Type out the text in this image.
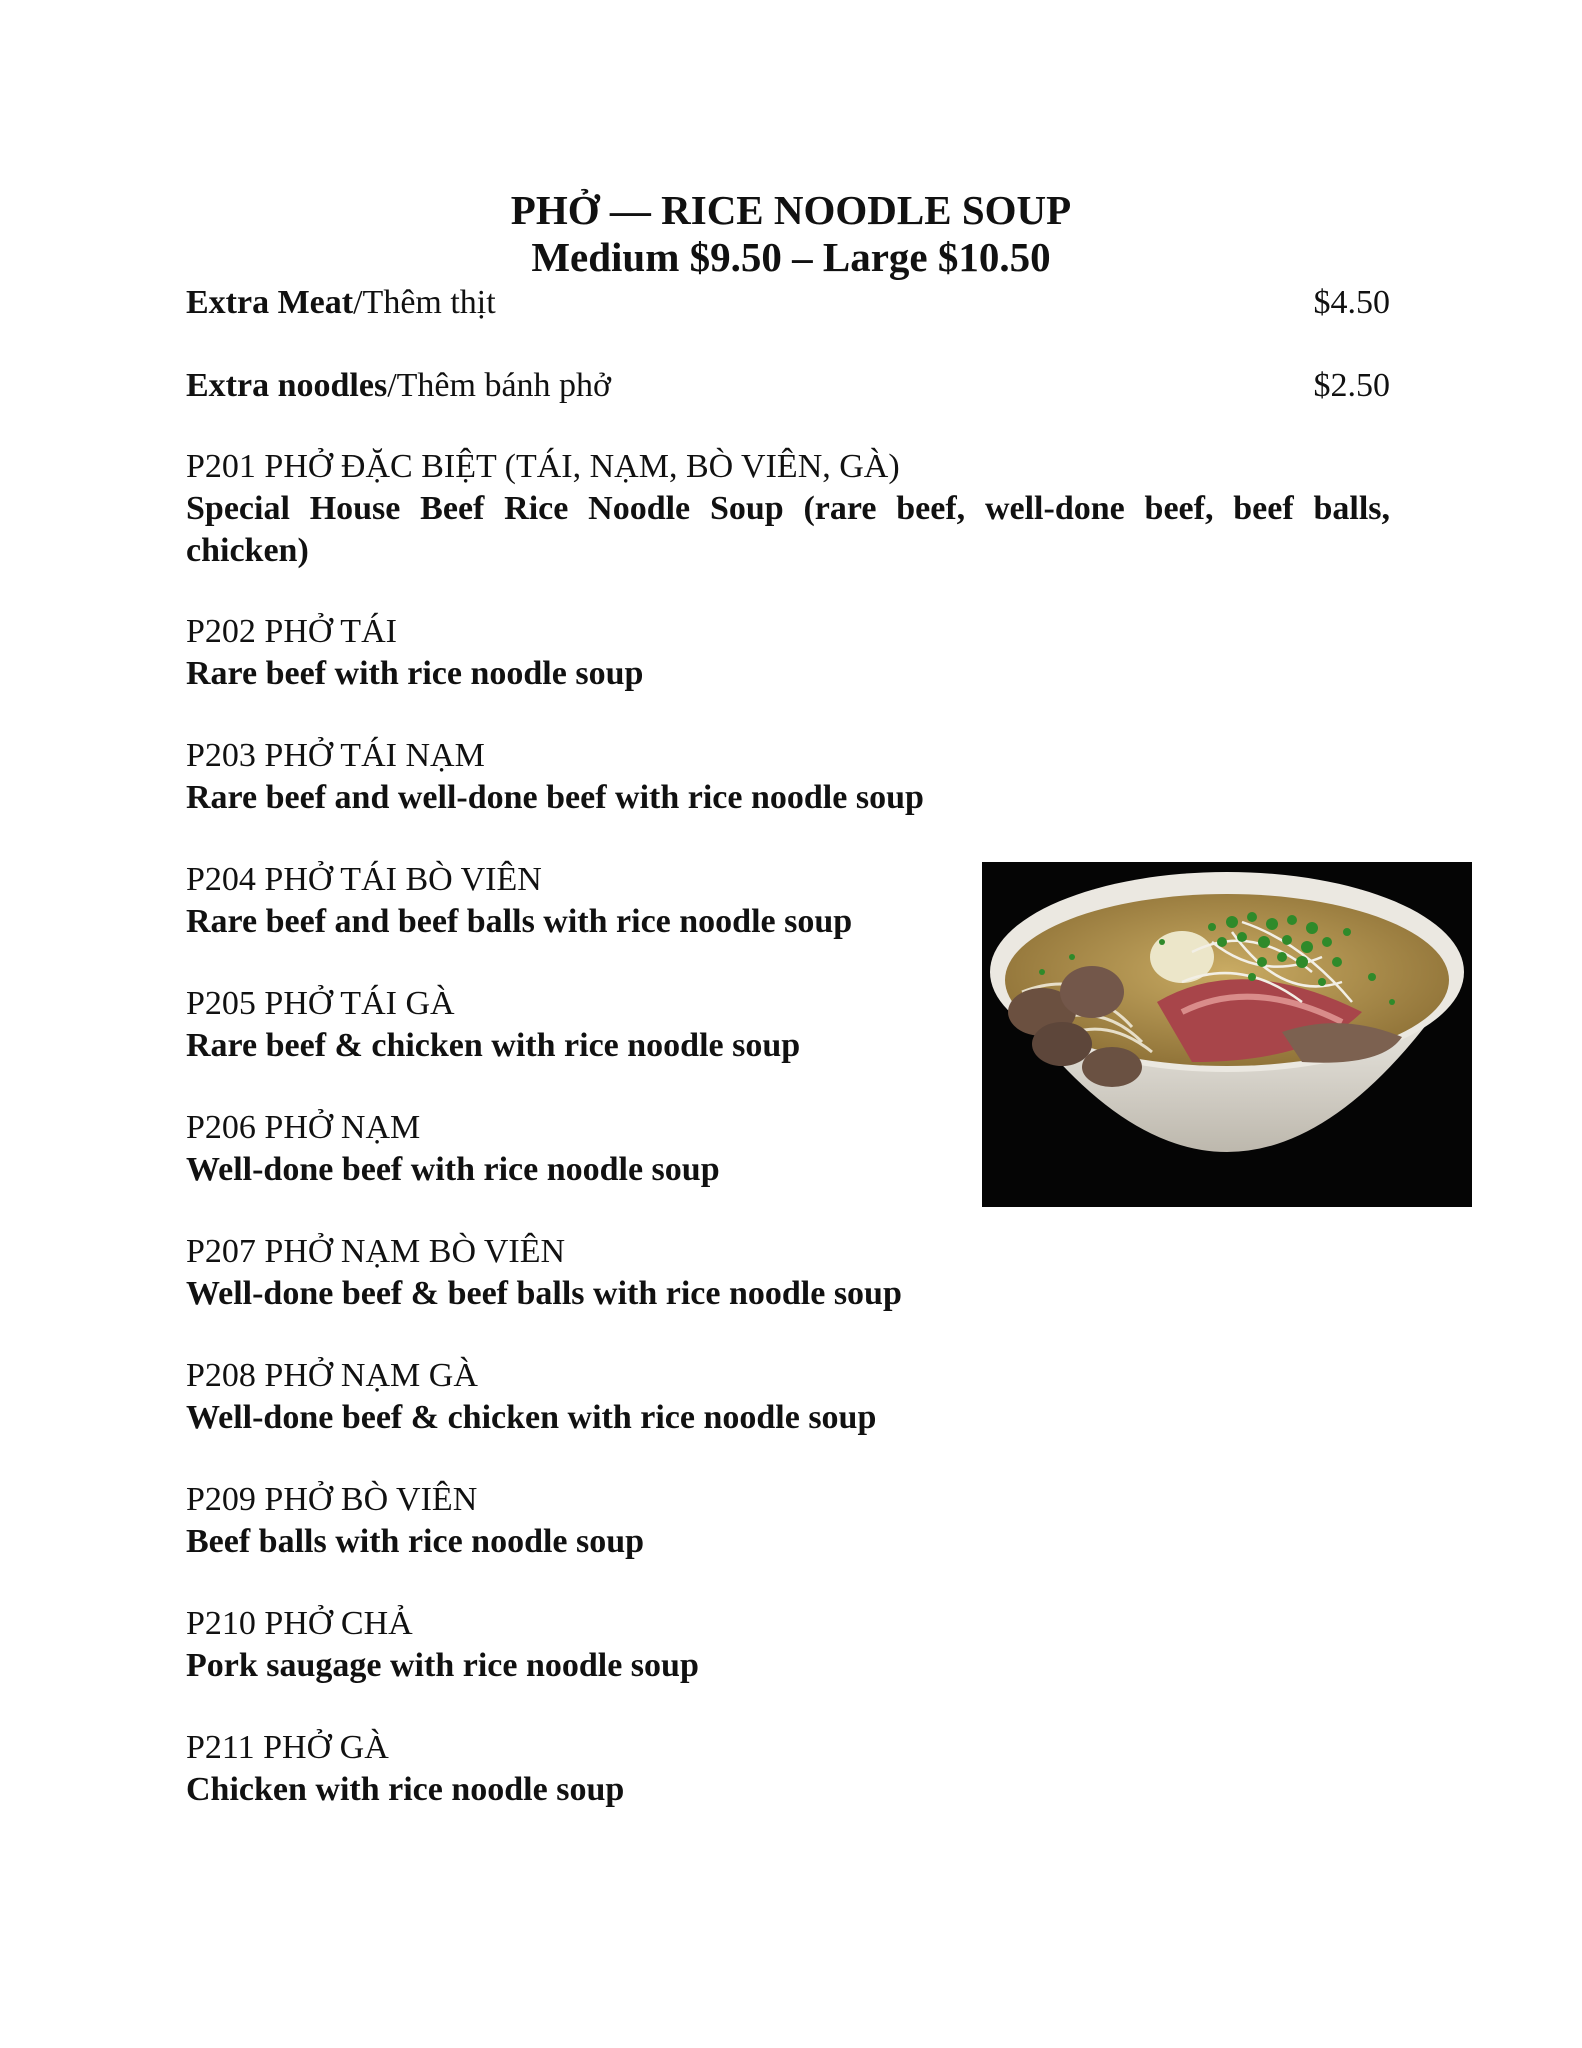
PHỞ — RICE NOODLE SOUP
Medium $9.50 – Large $10.50
Extra Meat/Thêm thịt	$4.50
Extra noodles/Thêm bánh phở	$2.50
P201 PHỞ ĐẶC BIỆT (TÁI, NẠM, BÒ VIÊN, GÀ)
Special House Beef Rice Noodle Soup (rare beef, well-done beef, beef balls, chicken)
P202 PHỞ TÁI
Rare beef with rice noodle soup
P203 PHỞ TÁI NẠM
Rare beef and well-done beef with rice noodle soup
P204 PHỞ TÁI BÒ VIÊN
Rare beef and beef balls with rice noodle soup
P205 PHỞ TÁI GÀ
Rare beef & chicken with rice noodle soup
P206 PHỞ NẠM
Well-done beef with rice noodle soup
P207 PHỞ NẠM BÒ VIÊN
Well-done beef & beef balls with rice noodle soup
P208 PHỞ NẠM GÀ
Well-done beef & chicken with rice noodle soup
P209 PHỞ BÒ VIÊN
Beef balls with rice noodle soup
P210 PHỞ CHẢ
Pork saugage with rice noodle soup
P211 PHỞ GÀ
Chicken with rice noodle soup
